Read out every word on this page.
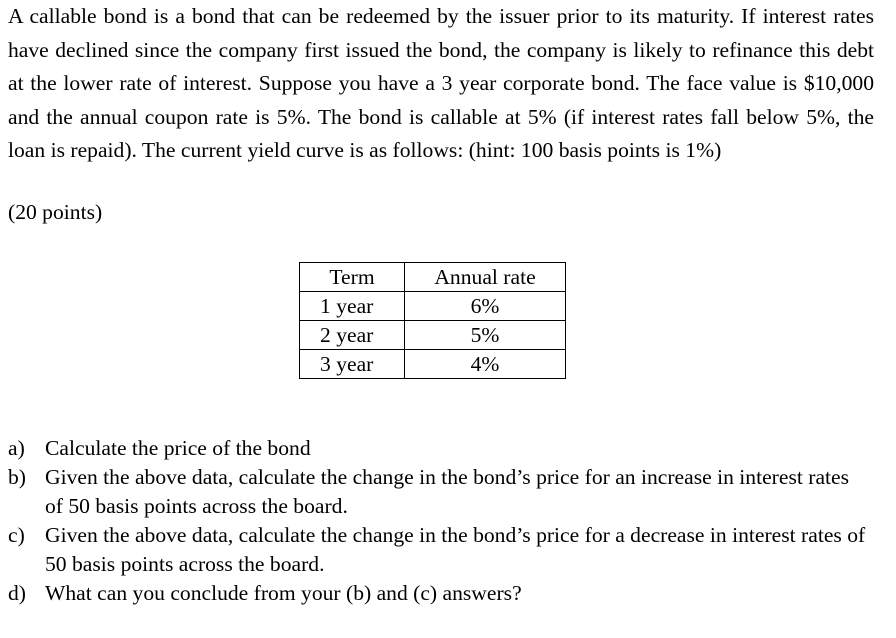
A callable bond is a bond that can be redeemed by the issuer prior to its maturity. If interest rates have declined since the company first issued the bond, the company is likely to refinance this debt at the lower rate of interest. Suppose you have a 3 year corporate bond. The face value is $10,000 and the annual coupon rate is 5%. The bond is callable at 5% (if interest rates fall below 5%, the loan is repaid). The current yield curve is as follows: (hint: 100 basis points is 1%)

(20 points)

Term	Annual rate
1 year	6%
2 year	5%
3 year	4%
a) Calculate the price of the bond
b) Given the above data, calculate the change in the bond’s price for an increase in interest rates of 50 basis points across the board.
c) Given the above data, calculate the change in the bond’s price for a decrease in interest rates of 50 basis points across the board.
d) What can you conclude from your (b) and (c) answers?
